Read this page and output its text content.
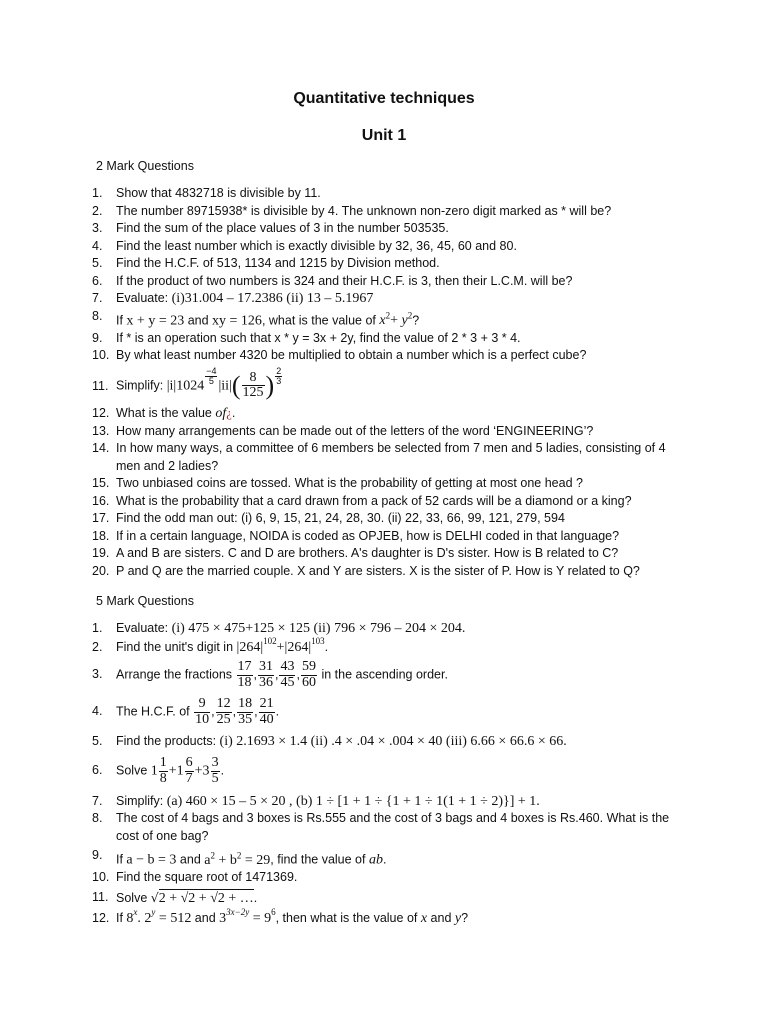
Quantitative techniques
Unit 1

2 Mark Questions

1. Show that 4832718 is divisible by 11.
2. The number 89715938* is divisible by 4. The unknown non-zero digit marked as * will be?
3. Find the sum of the place values of 3 in the number 503535.
4. Find the least number which is exactly divisible by 32, 36, 45, 60 and 80.
5. Find the H.C.F. of 513, 1134 and 1215 by Division method.
6. If the product of two numbers is 324 and their H.C.F. is 3, then their L.C.M. will be?
7. Evaluate: (i)31.004 – 17.2386 (ii) 13 – 5.1967
8. If x + y = 23 and xy = 126, what is the value of $x^2+ y^2$?
9. If * is an operation such that x * y = 3x + 2y, find the value of 2 * 3 + 3 * 4.
10. By what least number 4320 be multiplied to obtain a number which is a perfect cube?
11. Simplify: $|i|1024 \frac{-4}{5} |ii|( \frac{8}{125}$ ) $\frac{2}{3}$
12. What is the value of¿.
13. How many arrangements can be made out of the letters of the word ‘ENGINEERING’?
14. In how many ways, a committee of 6 members be selected from 7 men and 5 ladies, consisting of 4 men and 2 ladies?
15. Two unbiased coins are tossed. What is the probability of getting at most one head ?
16. What is the probability that a card drawn from a pack of 52 cards will be a diamond or a king?
17. Find the odd man out: (i) 6, 9, 15, 21, 24, 28, 30. (ii) 22, 33, 66, 99, 121, 279, 594
18. If in a certain language, NOIDA is coded as OPJEB, how is DELHI coded in that language?
19. A and B are sisters. C and D are brothers. A's daughter is D's sister. How is B related to C?
20. P and Q are the married couple. X and Y are sisters. X is the sister of P. How is Y related to Q?

5 Mark Questions

1. Evaluate: (i) 475 × 475+125 × 125 (ii) 796 × 796 – 204 × 204.
2. Find the unit's digit in $|264|^{102}+|264|^{103}$.
3. Arrange the fractions $\frac{17}{18}$ , $\frac{31}{36}$ , $\frac{43}{45}$ , $\frac{59}{60}$ in the ascending order.
4. The H.C.F. of $\frac{9}{10}$ , $\frac{12}{25}$ , $\frac{18}{35}$ , $\frac{21}{40}$ .
5. Find the products: (i) 2.1693 × 1.4 (ii) .4 × .04 × .004 × 40 (iii) 6.66 × 66.6 × 66.
6. Solve $1 \frac{1}{8} +1 \frac{6}{7} +3 \frac{3}{5}$ .
7. Simplify: (a) 460 × 15 – 5 × 20 , (b) 1 ÷ [1 + 1 ÷ {1 + 1 ÷ 1(1 + 1 ÷ 2)}] + 1.
8. The cost of 4 bags and 3 boxes is Rs.555 and the cost of 3 bags and 4 boxes is Rs.460. What is the cost of one bag?
9. If a − b = 3 and $a^2 + b^2 = 29$, find the value of ab.
10. Find the square root of 1471369.
11. Solve √2 + √2 + √2 + ….
12. If 8$^x$. $2^y = 512$ and $3^{3x-2y} = 9^6$, then what is the value of x and y?
